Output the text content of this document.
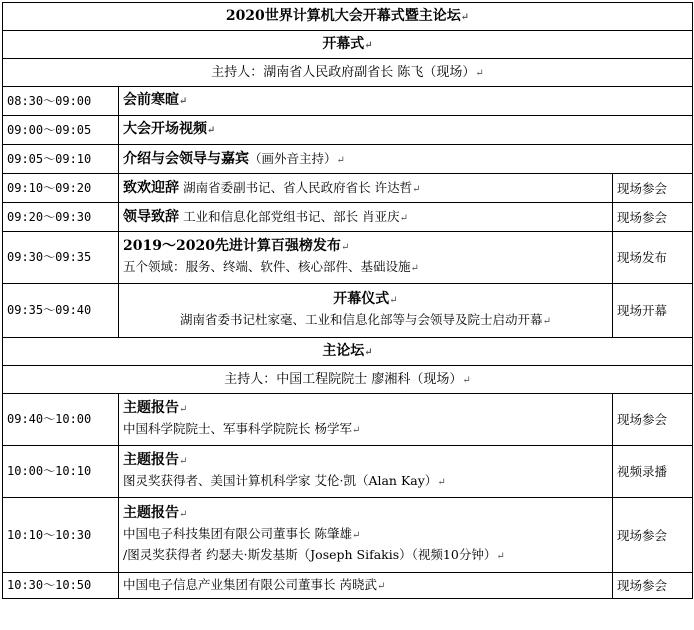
2020世界计算机大会开幕式暨主论坛↵		
开幕式↵		
主持人：湖南省人民政府副省长 陈飞（现场）↵		
08:30～09:00	会前寒暄↵	
09:00～09:05	大会开场视频↵	
09:05～09:10	介绍与会领导与嘉宾（画外音主持）↵	
09:10～09:20	致欢迎辞 湖南省委副书记、省人民政府省长 许达哲↵	现场参会
09:20～09:30	领导致辞 工业和信息化部党组书记、部长 肖亚庆↵	现场参会
09:30～09:35	2019～2020先进计算百强榜发布↵
五个领域：服务、终端、软件、核心部件、基础设施↵	现场发布
09:35～09:40	开幕仪式↵
湖南省委书记杜家毫、工业和信息化部等与会领导及院士启动开幕↵	现场开幕
主论坛↵		
主持人：中国工程院院士 廖湘科（现场）↵		
09:40～10:00	主题报告↵
中国科学院院士、军事科学院院长 杨学军↵	现场参会
10:00～10:10	主题报告↵
图灵奖获得者、美国计算机科学家 艾伦·凯（Alan Kay）↵	视频录播
10:10～10:30	主题报告↵
中国电子科技集团有限公司董事长 陈肇雄↵
/图灵奖获得者 约瑟夫·斯发基斯（Joseph Sifakis）（视频10分钟）↵	现场参会
10:30～10:50	中国电子信息产业集团有限公司董事长 芮晓武↵	现场参会
